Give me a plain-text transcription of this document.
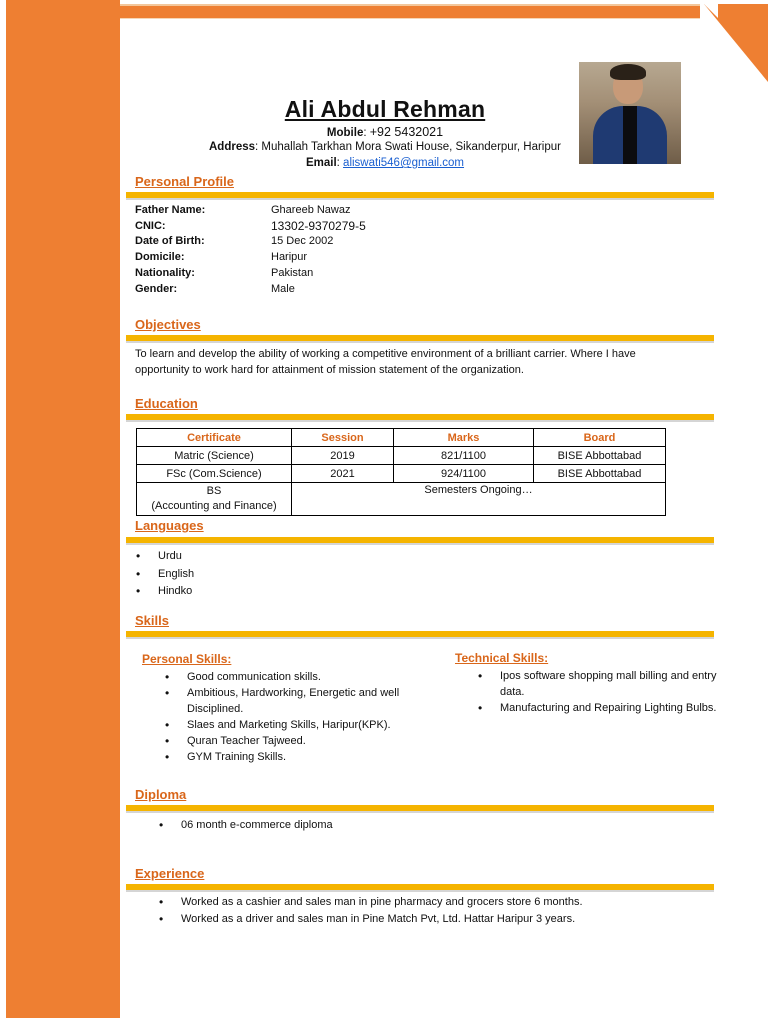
Ali Abdul Rehman
Mobile: +92 5432021
Address: Muhallah Tarkhan Mora Swati House, Sikanderpur, Haripur
Email: aliswati546@gmail.com
Personal Profile
Father Name:	Ghareeb Nawaz
CNIC:	13302-9370279-5
Date of Birth:	15 Dec 2002
Domicile:	Haripur
Nationality:	Pakistan
Gender:	Male
Objectives
To learn and develop the ability of working a competitive environment of a brilliant carrier. Where I have opportunity to work hard for attainment of mission statement of the organization.
Education
Certificate	Session	Marks	Board
Matric (Science)	2019	821/1100	BISE Abbottabad
FSc (Com.Science)	2021	924/1100	BISE Abbottabad

BS
(Accounting and Finance)	Semesters Ongoing…		
Languages
• Urdu
• English
• Hindko
Skills
Personal Skills:
• Good communication skills.
• Ambitious, Hardworking, Energetic and well Disciplined.
• Slaes and Marketing Skills, Haripur(KPK).
• Quran Teacher Tajweed.
• GYM Training Skills.
Technical Skills:
• Ipos software shopping mall billing and entry data.
• Manufacturing and Repairing Lighting Bulbs.
Diploma
• 06 month e-commerce diploma
Experience
• Worked as a cashier and sales man in pine pharmacy and grocers store 6 months.
• Worked as a driver and sales man in Pine Match Pvt, Ltd. Hattar Haripur 3 years.
